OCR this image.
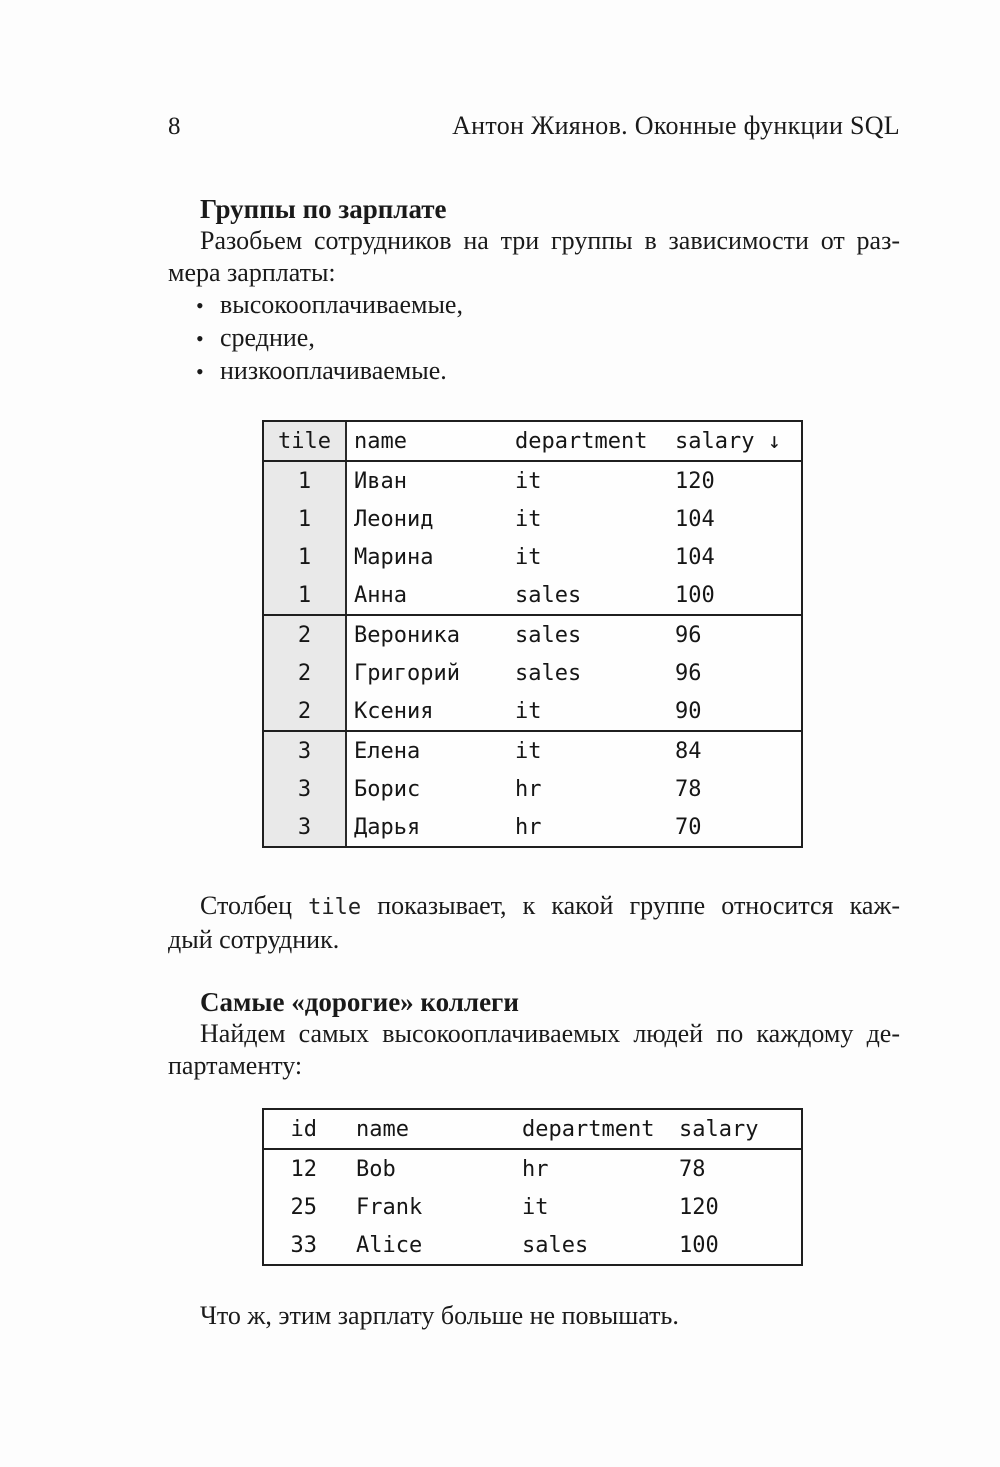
8	Антон Жиянов. Оконные функции SQL
Группы по зарплате
Разобьем сотрудников на три группы в зависимости от раз-
мера зарплаты:
• высокооплачиваемые,
• средние,
• низкооплачиваемые.
tile	name	department	salary ↓
1	Иван	it	120
1	Леонид	it	104
1	Марина	it	104
1	Анна	sales	100
2	Вероника	sales	96
2	Григорий	sales	96
2	Ксения	it	90
3	Елена	it	84
3	Борис	hr	78
3	Дарья	hr	70
Столбец tile показывает, к какой группе относится каж-
дый сотрудник.
Самые «дорогие» коллеги
Найдем самых высокооплачиваемых людей по каждому де-
партаменту:
id	name	department	salary
12	Bob	hr	78
25	Frank	it	120
33	Alice	sales	100
Что ж, этим зарплату больше не повышать.
